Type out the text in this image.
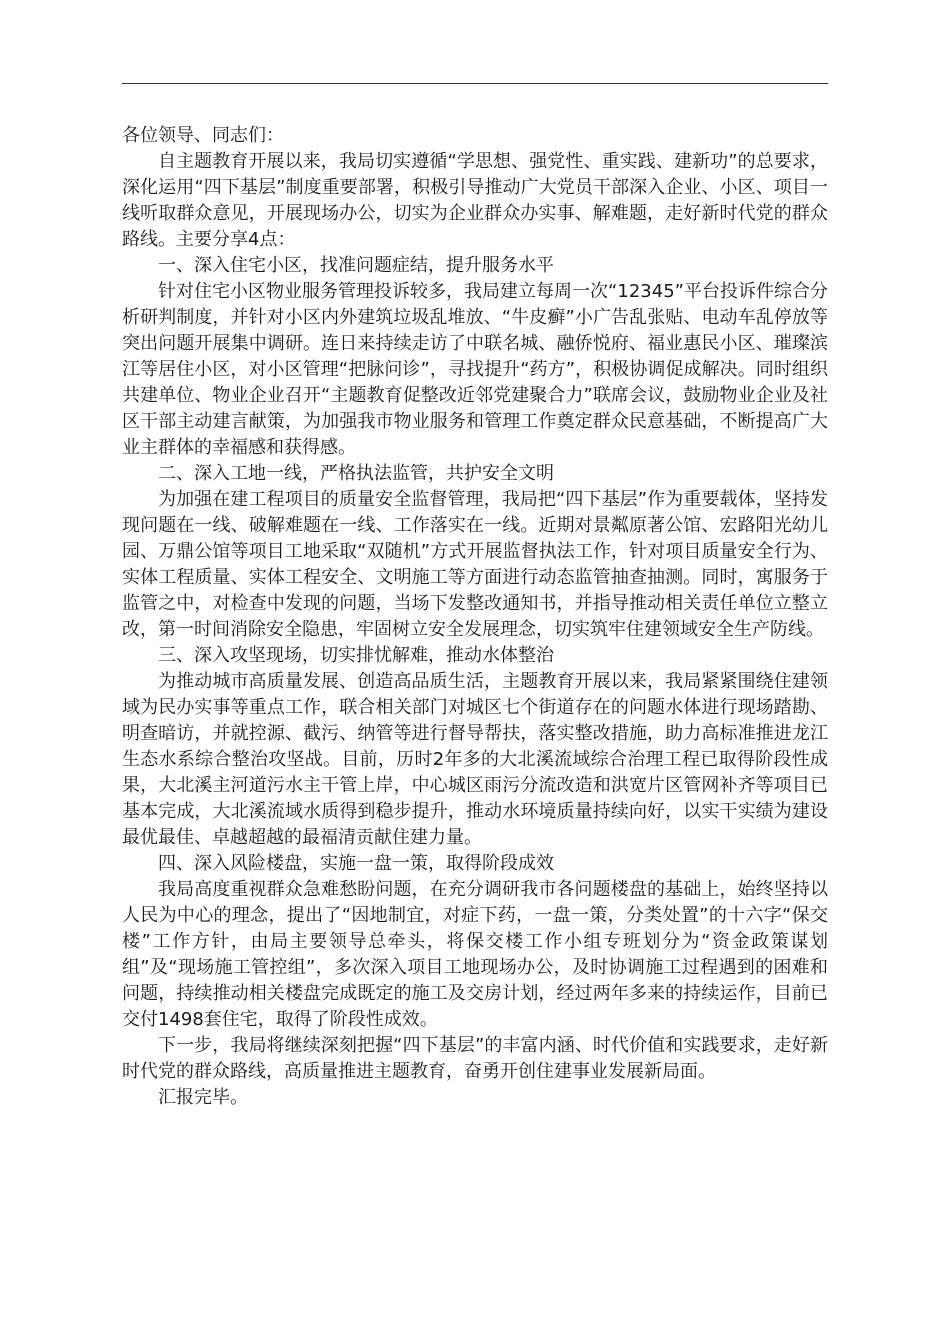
各位领导、同志们：

自主题教育开展以来，我局切实遵循“学思想、强党性、重实践、建新功”的总要求，深化运用“四下基层”制度重要部署，积极引导推动广大党员干部深入企业、小区、项目一线听取群众意见，开展现场办公，切实为企业群众办实事、解难题，走好新时代党的群众路线。主要分享4点：

一、深入住宅小区，找准问题症结，提升服务水平

针对住宅小区物业服务管理投诉较多，我局建立每周一次“12345”平台投诉件综合分析研判制度，并针对小区内外建筑垃圾乱堆放、“牛皮癣”小广告乱张贴、电动车乱停放等突出问题开展集中调研。连日来持续走访了中联名城、融侨悦府、福业惠民小区、璀璨滨江等居住小区，对小区管理“把脉问诊”，寻找提升“药方”，积极协调促成解决。同时组织共建单位、物业企业召开“主题教育促整改近邻党建聚合力”联席会议，鼓励物业企业及社区干部主动建言献策，为加强我市物业服务和管理工作奠定群众民意基础，不断提高广大业主群体的幸福感和获得感。

二、深入工地一线，严格执法监管，共护安全文明

为加强在建工程项目的质量安全监督管理，我局把“四下基层”作为重要载体，坚持发现问题在一线、破解难题在一线、工作落实在一线。近期对景粼原著公馆、宏路阳光幼儿园、万鼎公馆等项目工地采取“双随机”方式开展监督执法工作，针对项目质量安全行为、实体工程质量、实体工程安全、文明施工等方面进行动态监管抽查抽测。同时，寓服务于监管之中，对检查中发现的问题，当场下发整改通知书，并指导推动相关责任单位立整立改，第一时间消除安全隐患，牢固树立安全发展理念，切实筑牢住建领域安全生产防线。

三、深入攻坚现场，切实排忧解难，推动水体整治

为推动城市高质量发展、创造高品质生活，主题教育开展以来，我局紧紧围绕住建领域为民办实事等重点工作，联合相关部门对城区七个街道存在的问题水体进行现场踏勘、明查暗访，并就控源、截污、纳管等进行督导帮扶，落实整改措施，助力高标准推进龙江生态水系综合整治攻坚战。目前，历时2年多的大北溪流域综合治理工程已取得阶段性成果，大北溪主河道污水主干管上岸，中心城区雨污分流改造和洪宽片区管网补齐等项目已基本完成，大北溪流域水质得到稳步提升，推动水环境质量持续向好，以实干实绩为建设最优最佳、卓越超越的最福清贡献住建力量。

四、深入风险楼盘，实施一盘一策，取得阶段成效

我局高度重视群众急难愁盼问题，在充分调研我市各问题楼盘的基础上，始终坚持以人民为中心的理念，提出了“因地制宜，对症下药，一盘一策，分类处置”的十六字“保交楼”工作方针，由局主要领导总牵头，将保交楼工作小组专班划分为“资金政策谋划组”及“现场施工管控组”，多次深入项目工地现场办公，及时协调施工过程遇到的困难和问题，持续推动相关楼盘完成既定的施工及交房计划，经过两年多来的持续运作，目前已交付1498套住宅，取得了阶段性成效。

下一步，我局将继续深刻把握“四下基层”的丰富内涵、时代价值和实践要求，走好新时代党的群众路线，高质量推进主题教育，奋勇开创住建事业发展新局面。

汇报完毕。
